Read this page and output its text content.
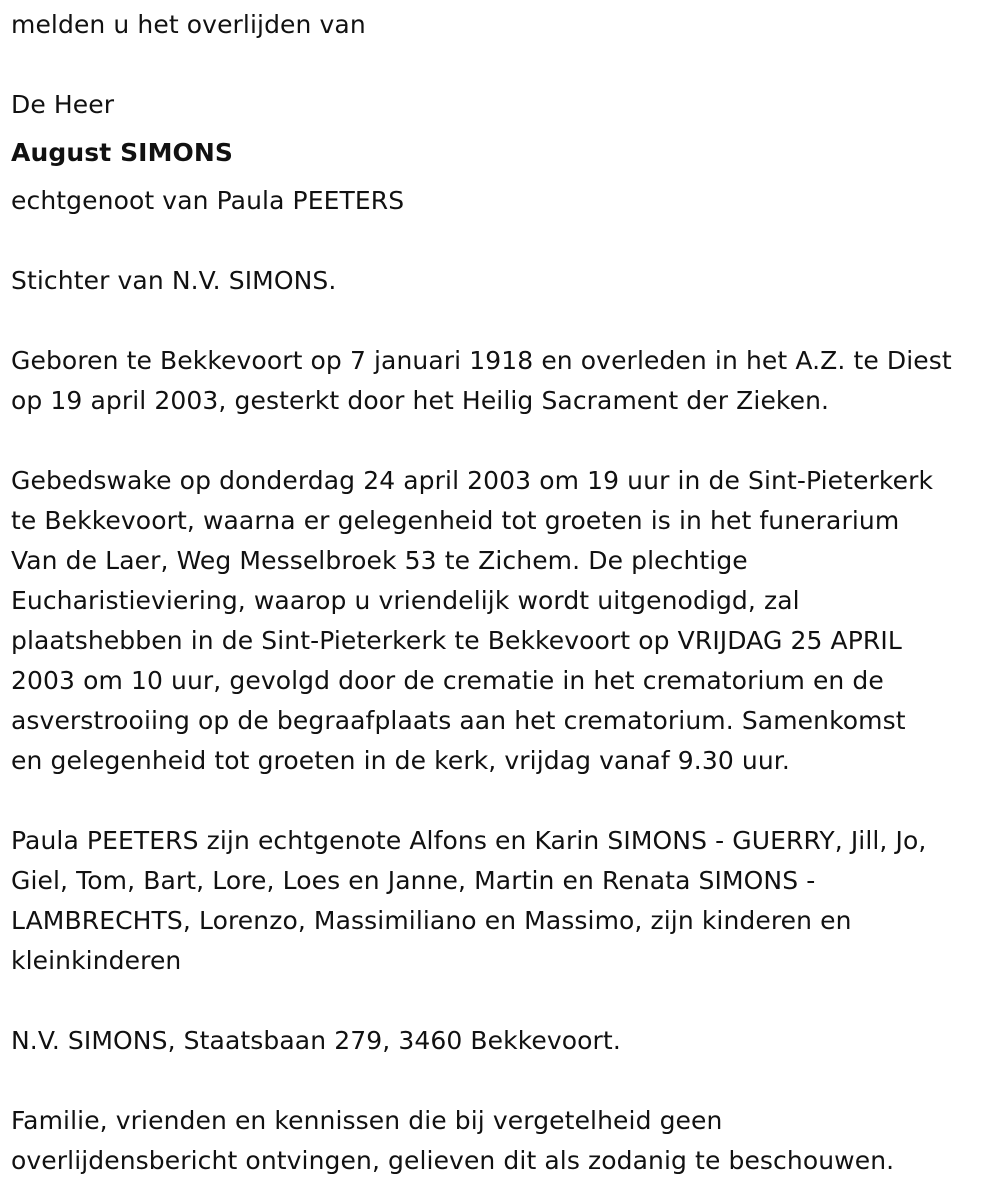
melden u het overlijden van
De Heer
August SIMONS
echtgenoot van Paula PEETERS
Stichter van N.V. SIMONS.
Geboren te Bekkevoort op 7 januari 1918 en overleden in het A.Z. te Diest
op 19 april 2003, gesterkt door het Heilig Sacrament der Zieken.
Gebedswake op donderdag 24 april 2003 om 19 uur in de Sint-Pieterkerk
te Bekkevoort, waarna er gelegenheid tot groeten is in het funerarium
Van de Laer, Weg Messelbroek 53 te Zichem. De plechtige
Eucharistieviering, waarop u vriendelijk wordt uitgenodigd, zal
plaatshebben in de Sint-Pieterkerk te Bekkevoort op VRIJDAG 25 APRIL
2003 om 10 uur, gevolgd door de crematie in het crematorium en de
asverstrooiing op de begraafplaats aan het crematorium. Samenkomst
en gelegenheid tot groeten in de kerk, vrijdag vanaf 9.30 uur.
Paula PEETERS zijn echtgenote Alfons en Karin SIMONS - GUERRY, Jill, Jo,
Giel, Tom, Bart, Lore, Loes en Janne, Martin en Renata SIMONS -
LAMBRECHTS, Lorenzo, Massimiliano en Massimo, zijn kinderen en
kleinkinderen
N.V. SIMONS, Staatsbaan 279, 3460 Bekkevoort.
Familie, vrienden en kennissen die bij vergetelheid geen
overlijdensbericht ontvingen, gelieven dit als zodanig te beschouwen.
